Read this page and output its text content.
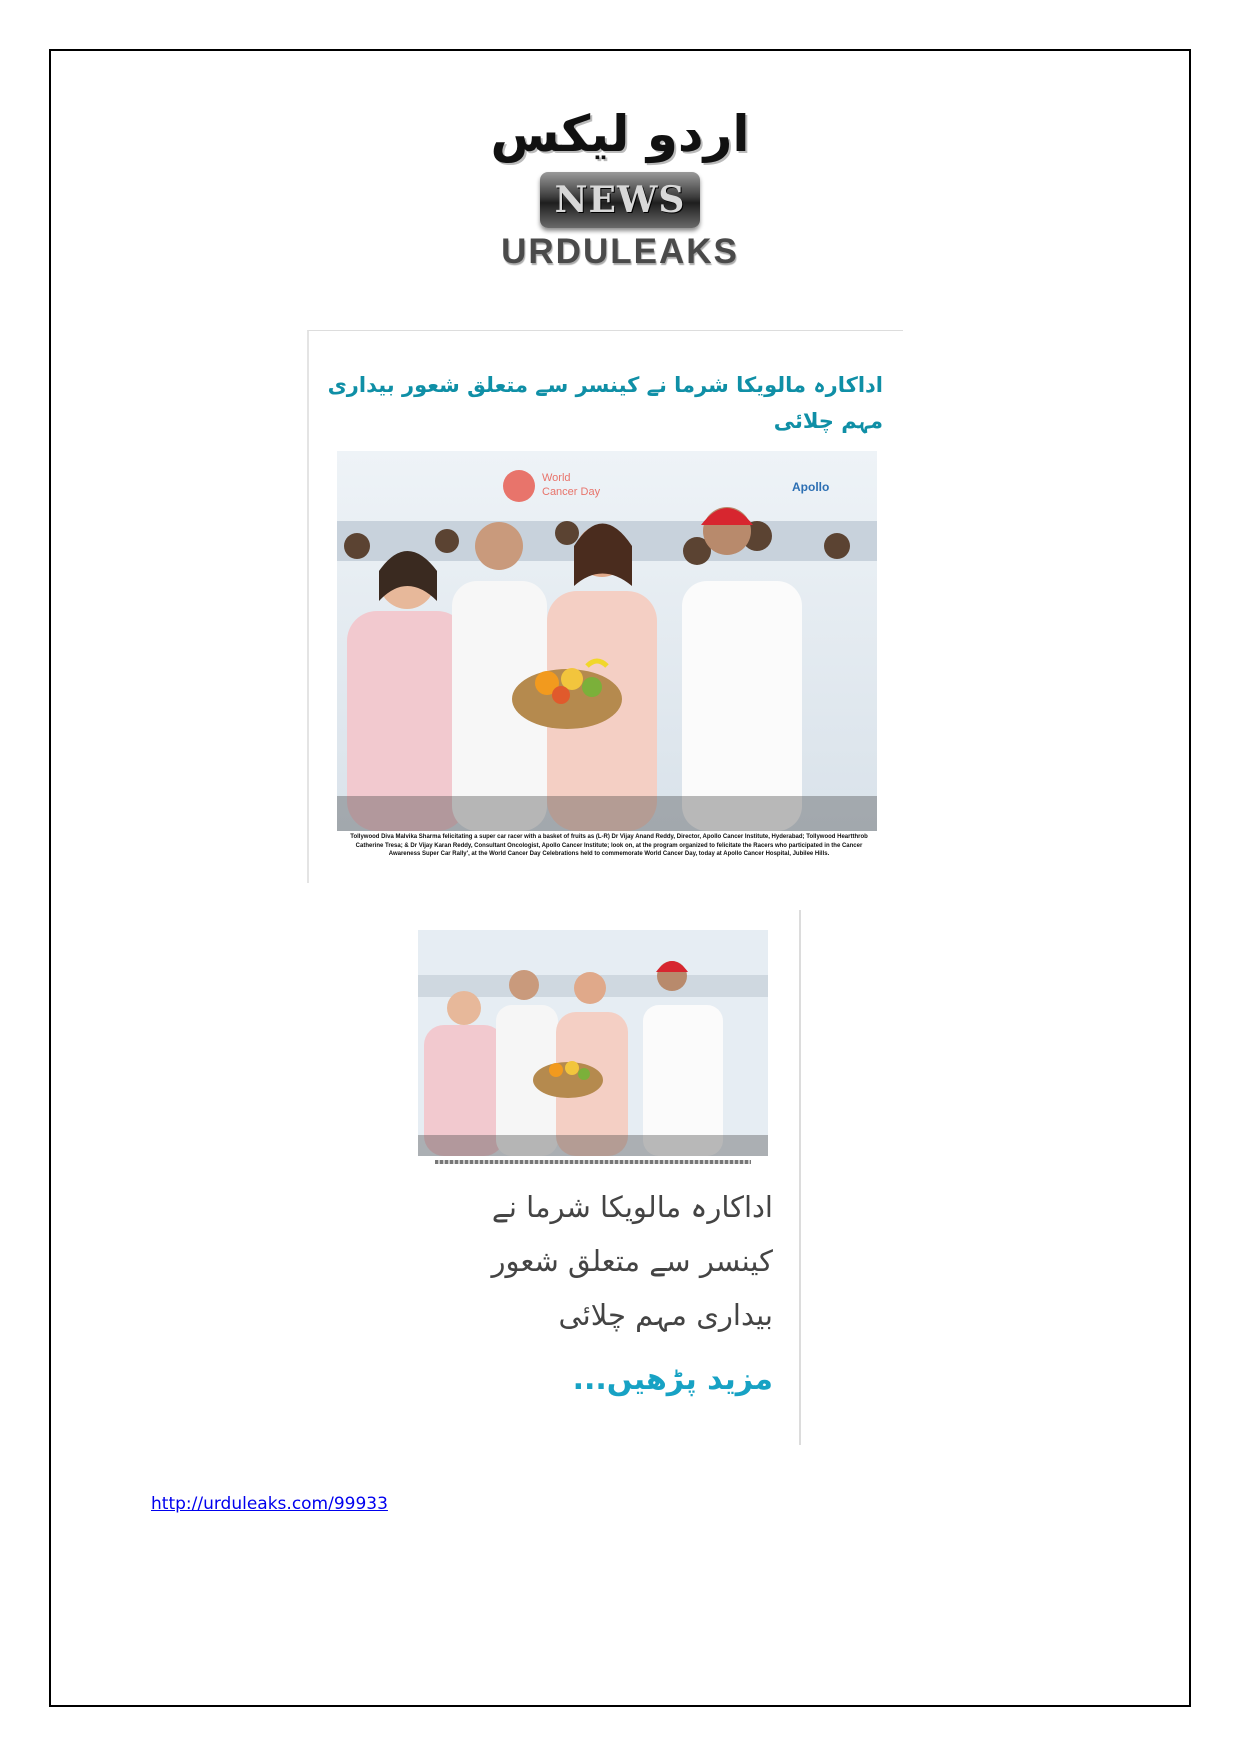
اردو لیکس
NEWS
URDULEAKS
اداکارہ مالویکا شرما نے کینسر سے متعلق شعور بیداری مہم چلائی
World
Cancer Day	Apollo
Tollywood Diva Malvika Sharma felicitating a super car racer with a basket of fruits as (L-R) Dr Vijay Anand Reddy, Director, Apollo Cancer Institute, Hyderabad; Tollywood Heartthrob Catherine Tresa; & Dr Vijay Karan Reddy, Consultant Oncologist, Apollo Cancer Institute; look on, at the program organized to felicitate the Racers who participated in the Cancer Awareness Super Car Rally', at the World Cancer Day Celebrations held to commemorate World Cancer Day, today at Apollo Cancer Hospital, Jubilee Hills.
اداکارہ مالویکا شرما نے
کینسر سے متعلق شعور
بیداری مہم چلائی
مزید پڑھیں...
http://urduleaks.com/99933
